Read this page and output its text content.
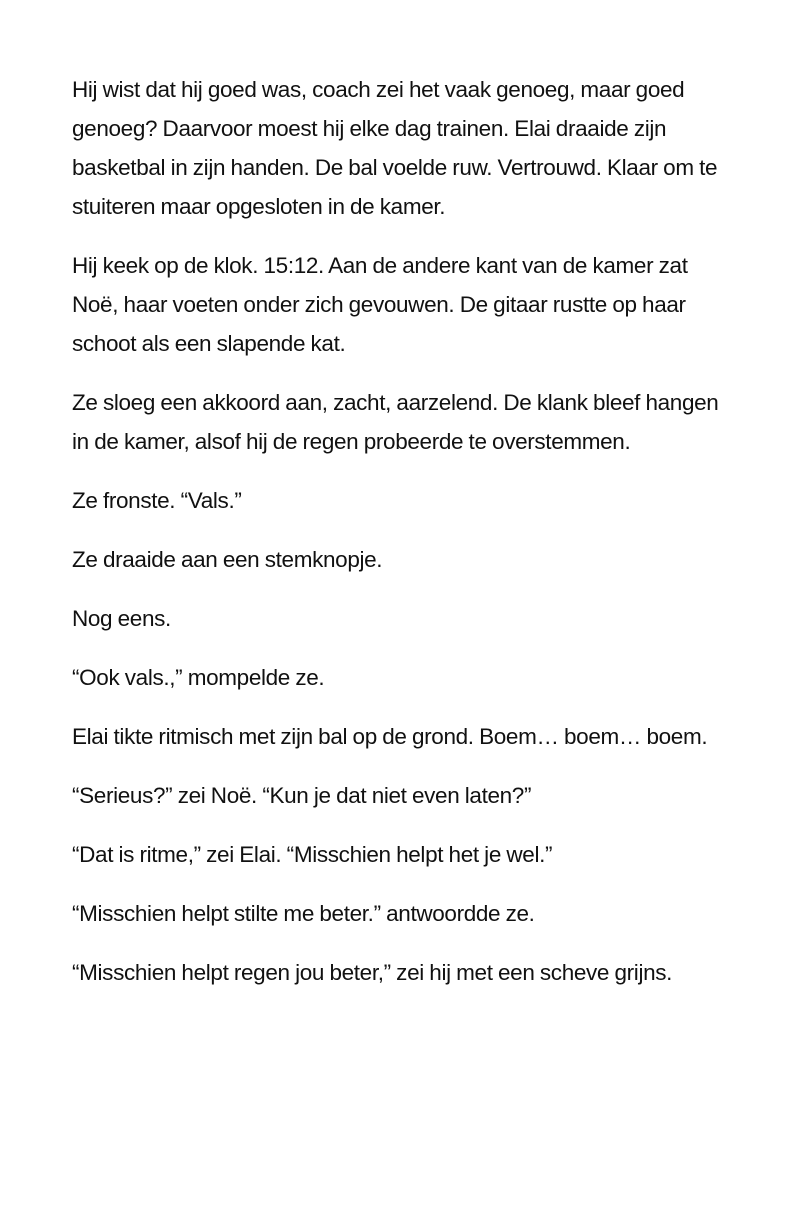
Hij wist dat hij goed was, coach zei het vaak genoeg, maar goed genoeg? Daarvoor moest hij elke dag trainen. Elai draaide zijn basketbal in zijn handen. De bal voelde ruw. Vertrouwd. Klaar om te stuiteren maar opgesloten in de kamer.

Hij keek op de klok. 15:12. Aan de andere kant van de kamer zat Noë, haar voeten onder zich gevouwen. De gitaar rustte op haar schoot als een slapende kat.

Ze sloeg een akkoord aan, zacht, aarzelend. De klank bleef hangen in de kamer, alsof hij de regen probeerde te overstemmen.

Ze fronste. “Vals.”

Ze draaide aan een stemknopje.

Nog eens.

“Ook vals.,” mompelde ze.

Elai tikte ritmisch met zijn bal op de grond. Boem… boem… boem.

“Serieus?” zei Noë. “Kun je dat niet even laten?”

“Dat is ritme,” zei Elai. “Misschien helpt het je wel.”

“Misschien helpt stilte me beter.” antwoordde ze.

“Misschien helpt regen jou beter,” zei hij met een scheve grijns.
